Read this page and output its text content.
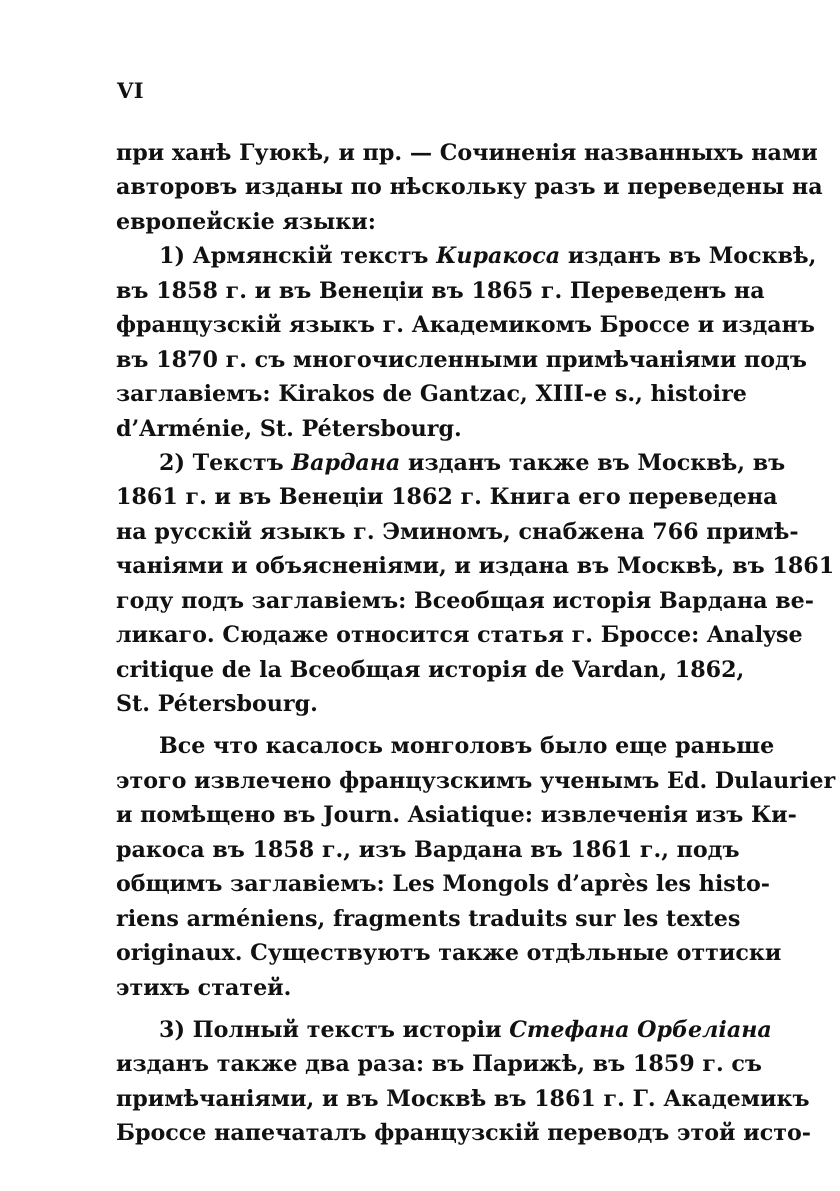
VI

при ханѣ Гуюкѣ, и пр. — Сочиненія названныхъ нами
авторовъ изданы по нѣскольку разъ и переведены на
европейскіе языки:
1) Армянскій текстъ Киракоса изданъ въ Москвѣ,
въ 1858 г. и въ Венеціи въ 1865 г. Переведенъ на
французскій языкъ г. Академикомъ Броссе и изданъ
въ 1870 г. съ многочисленными примѣчаніями подъ
заглавіемъ: Kirakos de Gantzac, XIII-e s., histoire
d’Arménie, St. Pétersbourg.
2) Текстъ Вардана изданъ также въ Москвѣ, въ
1861 г. и въ Венеціи 1862 г. Книга его переведена
на русскій языкъ г. Эминомъ, снабжена 766 примѣ-
чаніями и объясненіями, и издана въ Москвѣ, въ 1861
году подъ заглавіемъ: Всеобщая исторія Вардана ве-
ликаго. Сюдаже относится статья г. Броссе: Analyse
critique de la Всеобщая исторія de Vardan, 1862,
St. Pétersbourg.
Все что касалось монголовъ было еще раньше
этого извлечено французскимъ ученымъ Ed. Dulaurier
и помѣщено въ Journ. Asiatique: извлеченія изъ Ки-
ракоса въ 1858 г., изъ Вардана въ 1861 г., подъ
общимъ заглавіемъ: Les Mongols d’après les histo-
riens arméniens, fragments traduits sur les textes
originaux. Существуютъ также отдѣльные оттиски
этихъ статей.
3) Полный текстъ исторіи Стефана Орбеліана
изданъ также два раза: въ Парижѣ, въ 1859 г. съ
примѣчаніями, и въ Москвѣ въ 1861 г. Г. Академикъ
Броссе напечаталъ французскій переводъ этой исто-
